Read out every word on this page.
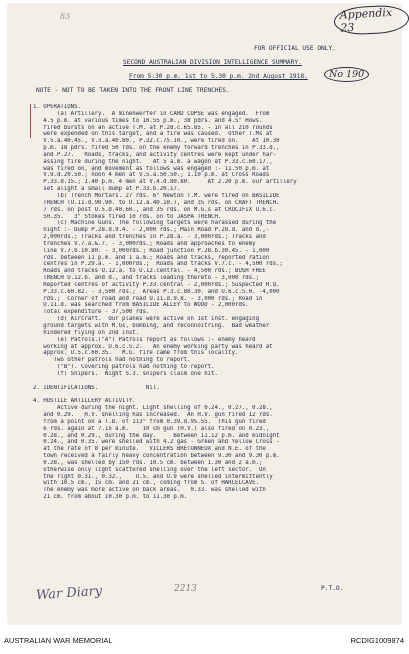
Appendix 23
83
FOR OFFICIAL USE ONLY.
SECOND AUSTRALIAN DIVISION INTELLIGENCE SUMMARY.
From 5.30 p.m. 1st to 5.30 p.m. 2nd August 1918.	No 190
NOTE - NOT TO BE TAKEN INTO THE FRONT LINE TRENCHES.
1. OPERATIONS.
(a) Artillery.  A minenwerfer in CARD COPSE was engaged.  From
4.5 p.m. at various times to 10.55 p.m., 38 pdrs. and 4.5" Hows.
fired bursts on an active T.M. at P.28.c.65.85. - in all 210 rounds
were expended on this target, and a fire was caused.  Other T.Ms at
V.5.a.40.45., V.3.a.40.80., P.32.c.75.10., were fired on.    At 10.30
p.m. 18 pdrs. fired 50 rds. on the enemy forward trenches in P.33.d.,
and P.27.   Roads, tracks, and activity centres were kept under har-
assing fire during the night.   At 5 a.m. a wagon at P.33.c.60.17.,
was fired on, and movement as follows was engaged :- 11.50 p.m. at
V.9.d.20.50.; noon 4 men at V.5.a.50.50.; 1.10 p.m. at Cross Roads
P.33.d.15.; 1.40 p.m. 4 men at V.4.d.80.80.     At 2.20 p.m. our artillery
set alight a small dump at P.33.b.20.17.
(b) Trench Mortars. 27 rds. 6" Newton T.M. were fired on BASILIDE
TRENCH (U.11.d.90.90. to U.12.a.40.10.), and 35 rds. on CRAFT TRENCH.
7 rds. on post U.5.d.40.60., and 35 rds. on M.G.s at CRUCIFIX U.6.c.
50.35.   3" Stokes fired 10 rds. on to JASPA TRENCH.
(c) Machine Guns. The following targets were harassed during the
night :- Dump P.28.d.9.4. - 2,000 rds.; Main Road P.28.d. and d.,-
2,000rds.; Tracks and trenches in P.28.a. - 3,000rds.; Tracks and
trenches V.7.a.&.7. - 3,000rds.; Roads and approaches to enemy
line V.7.b.10.80. - 3,000rds.; Road junction P.28.b.30.45. - 1,000
rds. between 11 p.m. and 1 a.m.; Roads and tracks, reported ration
centres in P.29.a. - 1,000rds.;  Roads and tracks V.7.c. - 4,500 rds.;
Roads and tracks U.12.a. to U.12.central. - 4,500 rds.; BUSH FREE
TRENCH U.12.b. and d., and tracks leading thereto - 3,000 rds.;
Reported centres of activity P.33.central - 2,000rds.; Suspected H.Q.
P.33.c.60.82. - 3,500 rds.;  Areas P.3.c.80.30. and U.6.c.5.0. -4,000
rds.;  Corner of road and road U.11.d.9.8. - 3,000 rds.; Road in
U.11.d. was searched from BASILIDE ALLEY to WOOD - 2,000rds.
Total expenditure - 37,500 rds.
(d) Aircraft.  Our planes were active on 1st inst. engaging
ground targets with M.Gs, bombing, and reconnoitring.  Bad weather
hindered flying on 2nd inst.
(e) Patrols.("A") Patrols report as follows :- enemy heard
working at approx. U.6.c.5.2.   An enemy working party was heard at
approx. U.5.c.60.35.   M.G. fire came from this locality.
Two other patrols had nothing to report.
("B"). Covering patrols had nothing to report.
(f) Snipers.  Night S.3. snipers claim one hit.
2. IDENTIFICATIONS.              Nil.
4. HOSTILE ARTILLERY ACTIVITY.
Active during the night. Light shelling of 0.24., 0.27., 0.28.,
and 0.29.   H.V. shelling has increased.  An H.V. gun fired 12 rds.
from a point on a T.B. of 113° from 0.39.d.95.55.  This gun fired
6 rds. again at 7.15 a.m.    10 cm gun (H.V.) also fired on 0.23.,
0.28., and 0.29., during the day.     Between 11.12 p.m. and midnight
0.24., and 0.35. were shelled with 4.2 gas - Green and Yellow Cross -
at the rate of 8 per minute.   VILLERS BRETONNEUX and N.E. of the
town received a fairly heavy concentration between 9.30 and 9.30 p.m.
0.28., was shelled by 150 rds. 10.5 cm. between 1.30 and 2 a.m.;
otherwise only light scattered shelling over the left sector.  On
the right 0.31., 0.32.,    U.5. and U.9 were shelled intermittently
with 10.5 cm., 15 cm. and 21 cm., coming from S. of HARCELCAVE.
The enemy was more active on back areas.   0.33. was shelled with
21 cm. from about 10.30 p.m. to 11.30 p.m.
P.T.O.
War Diary	2213
AUSTRALIAN WAR MEMORIAL	RCDIG1009874
